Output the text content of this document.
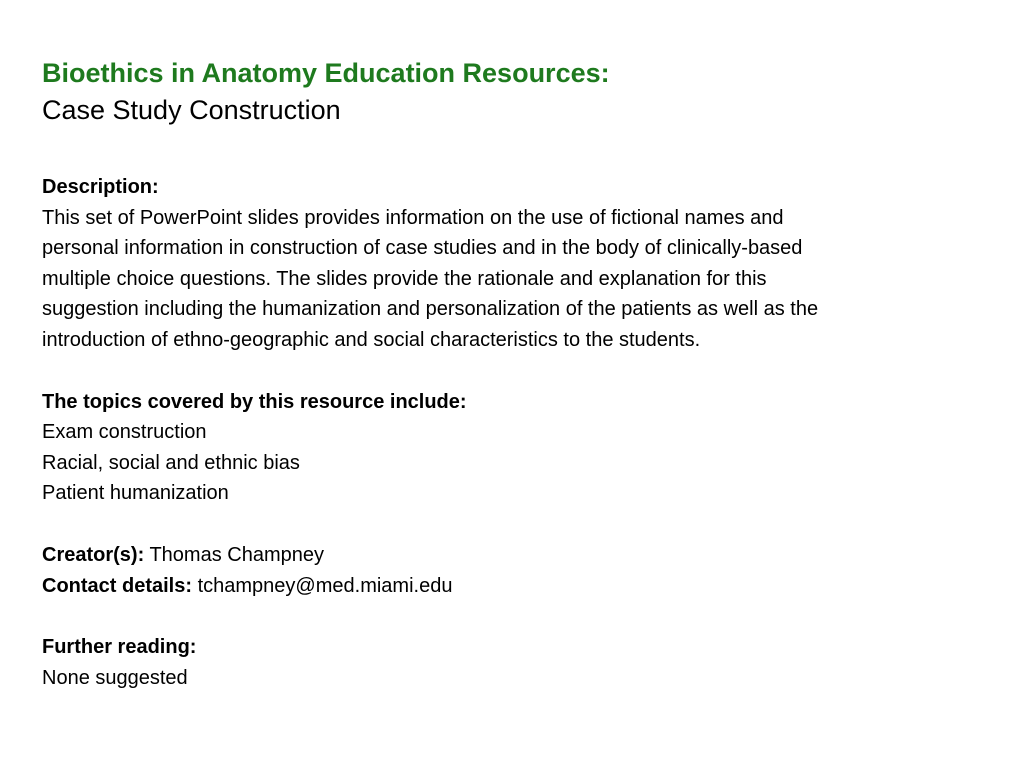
Bioethics in Anatomy Education Resources:

Case Study Construction

Description:
This set of PowerPoint slides provides information on the use of fictional names and
personal information in construction of case studies and in the body of clinically-based
multiple choice questions. The slides provide the rationale and explanation for this
suggestion including the humanization and personalization of the patients as well as the
introduction of ethno-geographic and social characteristics to the students.
The topics covered by this resource include:
Exam construction
Racial, social and ethnic bias
Patient humanization
Creator(s): Thomas Champney
Contact details: tchampney@med.miami.edu
Further reading:
None suggested
